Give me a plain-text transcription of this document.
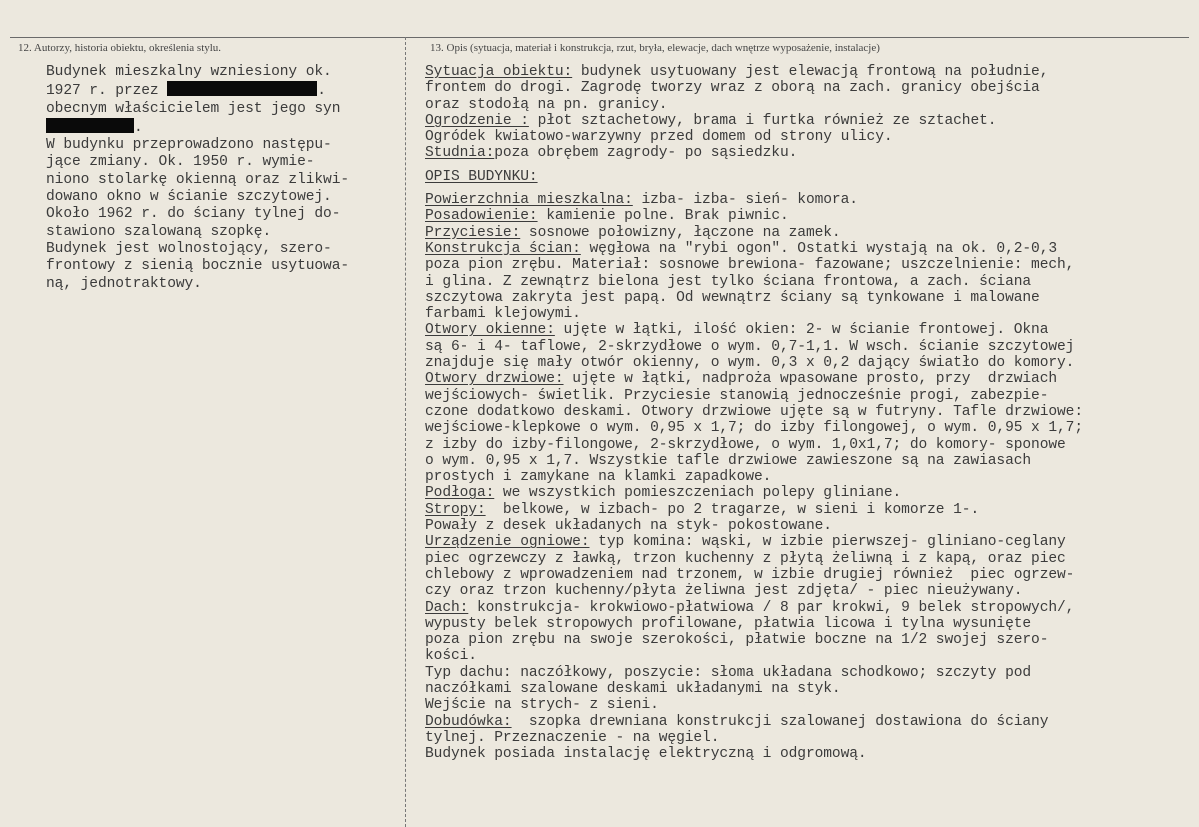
12. Autorzy, historia obiektu, określenia stylu.	13. Opis (sytuacja, materiał i konstrukcja, rzut, bryła, elewacje, dach wnętrze wyposażenie, instalacje)
Budynek mieszkalny wzniesiony ok.
1927 r. przez	.
obecnym właścicielem jest jego syn
.
W budynku przeprowadzono następu-
jące zmiany. Ok. 1950 r. wymie-
niono stolarkę okienną oraz zlikwi-
dowano okno w ścianie szczytowej.
Około 1962 r. do ściany tylnej do-
stawiono szalowaną szopkę.
Budynek jest wolnostojący, szero-
frontowy z sienią bocznie usytuowa-
ną, jednotraktowy.
Sytuacja obiektu: budynek usytuowany jest elewacją frontową na południe,
frontem do drogi. Zagrodę tworzy wraz z oborą na zach. granicy obejścia
oraz stodołą na pn. granicy.
Ogrodzenie : płot sztachetowy, brama i furtka również ze sztachet.
Ogródek kwiatowo-warzywny przed domem od strony ulicy.
Studnia:poza obrębem zagrody- po sąsiedzku.
OPIS BUDYNKU:
Powierzchnia mieszkalna: izba- izba- sień- komora.
Posadowienie: kamienie polne. Brak piwnic.
Przyciesie: sosnowe połowizny, łączone na zamek.
Konstrukcja ścian: węgłowa na "rybi ogon". Ostatki wystają na ok. 0,2-0,3
poza pion zrębu. Materiał: sosnowe brewiona- fazowane; uszczelnienie: mech,
i glina. Z zewnątrz bielona jest tylko ściana frontowa, a zach. ściana
szczytowa zakryta jest papą. Od wewnątrz ściany są tynkowane i malowane
farbami klejowymi.
Otwory okienne: ujęte w łątki, ilość okien: 2- w ścianie frontowej. Okna
są 6- i 4- taflowe, 2-skrzydłowe o wym. 0,7-1,1. W wsch. ścianie szczytowej
znajduje się mały otwór okienny, o wym. 0,3 x 0,2 dający światło do komory.
Otwory drzwiowe: ujęte w łątki, nadproża wpasowane prosto, przy  drzwiach
wejściowych- świetlik. Przyciesie stanowią jednocześnie progi, zabezpie-
czone dodatkowo deskami. Otwory drzwiowe ujęte są w futryny. Tafle drzwiowe:
wejściowe-klepkowe o wym. 0,95 x 1,7; do izby filongowej, o wym. 0,95 x 1,7;
z izby do izby-filongowe, 2-skrzydłowe, o wym. 1,0x1,7; do komory- sponowe
o wym. 0,95 x 1,7. Wszystkie tafle drzwiowe zawieszone są na zawiasach
prostych i zamykane na klamki zapadkowe.
Podłoga: we wszystkich pomieszczeniach polepy gliniane.
Stropy:  belkowe, w izbach- po 2 tragarze, w sieni i komorze 1-.
Powały z desek układanych na styk- pokostowane.
Urządzenie ogniowe: typ komina: wąski, w izbie pierwszej- gliniano-ceglany
piec ogrzewczy z ławką, trzon kuchenny z płytą żeliwną i z kapą, oraz piec
chlebowy z wprowadzeniem nad trzonem, w izbie drugiej również  piec ogrzew-
czy oraz trzon kuchenny/płyta żeliwna jest zdjęta/ - piec nieużywany.
Dach: konstrukcja- krokwiowo-płatwiowa / 8 par krokwi, 9 belek stropowych/,
wypusty belek stropowych profilowane, płatwia licowa i tylna wysunięte
poza pion zrębu na swoje szerokości, płatwie boczne na 1/2 swojej szero-
kości.
Typ dachu: naczółkowy, poszycie: słoma układana schodkowo; szczyty pod
naczółkami szalowane deskami układanymi na styk.
Wejście na strych- z sieni.
Dobudówka:  szopka drewniana konstrukcji szalowanej dostawiona do ściany
tylnej. Przeznaczenie - na węgiel.
Budynek posiada instalację elektryczną i odgromową.
